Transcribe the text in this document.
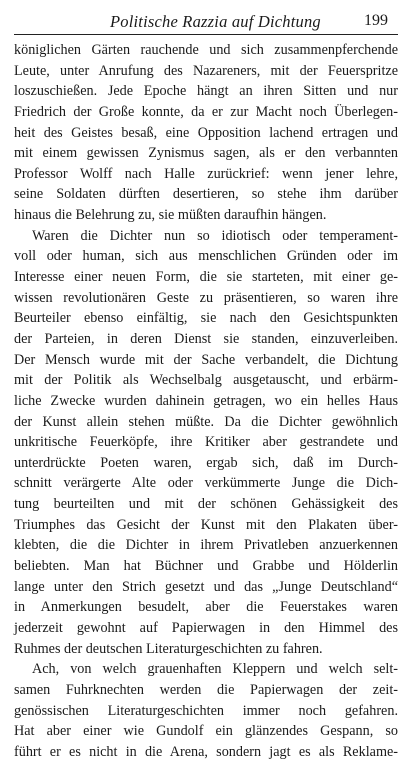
Politische Razzia auf Dichtung	199
königlichen Gärten rauchende und sich zusammenpferchende
Leute, unter Anrufung des Nazareners, mit der Feuerspritze
loszuschießen. Jede Epoche hängt an ihren Sitten und nur
Friedrich der Große konnte, da er zur Macht noch Überlegen-
heit des Geistes besaß, eine Opposition lachend ertragen und
mit einem gewissen Zynismus sagen, als er den verbannten
Professor Wolff nach Halle zurückrief: wenn jener lehre,
seine Soldaten dürften desertieren, so stehe ihm darüber
hinaus die Belehrung zu, sie müßten daraufhin hängen.
Waren die Dichter nun so idiotisch oder temperament-
voll oder human, sich aus menschlichen Gründen oder im
Interesse einer neuen Form, die sie starteten, mit einer ge-
wissen revolutionären Geste zu präsentieren, so waren ihre
Beurteiler ebenso einfältig, sie nach den Gesichtspunkten
der Parteien, in deren Dienst sie standen, einzuverleiben.
Der Mensch wurde mit der Sache verbandelt, die Dichtung
mit der Politik als Wechselbalg ausgetauscht, und erbärm-
liche Zwecke wurden dahinein getragen, wo ein helles Haus
der Kunst allein stehen müßte. Da die Dichter gewöhnlich
unkritische Feuerköpfe, ihre Kritiker aber gestrandete und
unterdrückte Poeten waren, ergab sich, daß im Durch-
schnitt verärgerte Alte oder verkümmerte Junge die Dich-
tung beurteilten und mit der schönen Gehässigkeit des
Triumphes das Gesicht der Kunst mit den Plakaten über-
klebten, die die Dichter in ihrem Privatleben anzuerkennen
beliebten. Man hat Büchner und Grabbe und Hölderlin
lange unter den Strich gesetzt und das „Junge Deutschland“
in Anmerkungen besudelt, aber die Feuerstakes waren
jederzeit gewohnt auf Papierwagen in den Himmel des
Ruhmes der deutschen Literaturgeschichten zu fahren.
Ach, von welch grauenhaften Kleppern und welch selt-
samen Fuhrknechten werden die Papierwagen der zeit-
genössischen Literaturgeschichten immer noch gefahren.
Hat aber einer wie Gundolf ein glänzendes Gespann, so
führt er es nicht in die Arena, sondern jagt es als Reklame-
